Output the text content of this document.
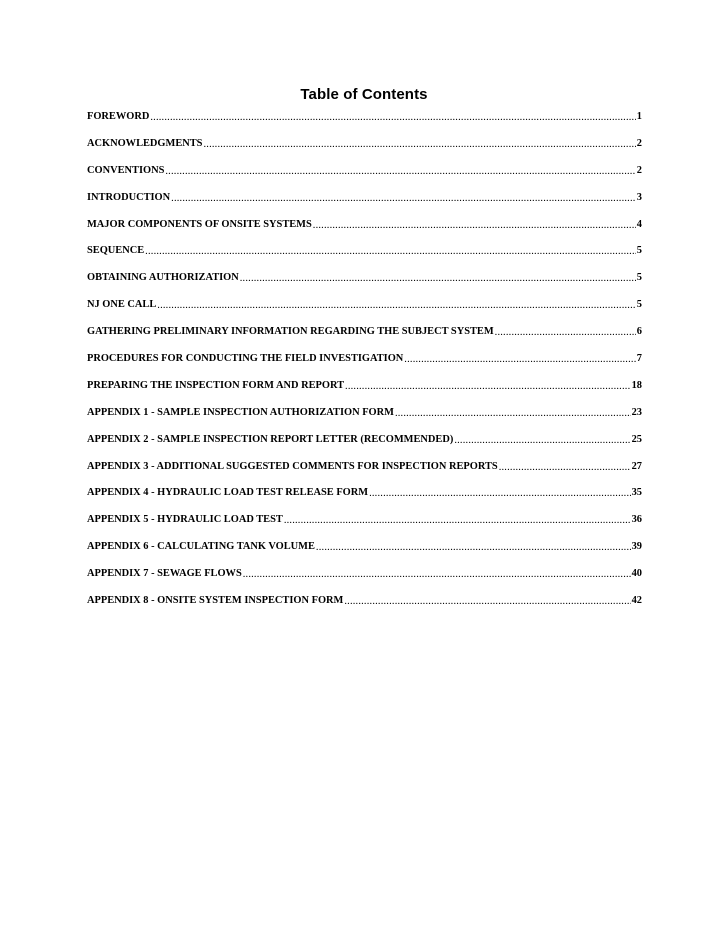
Table of Contents
FOREWORD .....	1
ACKNOWLEDGMENTS .....	2
CONVENTIONS .....	2
INTRODUCTION .....	3
MAJOR COMPONENTS OF ONSITE SYSTEMS .....	4
SEQUENCE .....	5
OBTAINING AUTHORIZATION .....	5
NJ ONE CALL .....	5
GATHERING PRELIMINARY INFORMATION REGARDING THE SUBJECT SYSTEM .....	6
PROCEDURES FOR CONDUCTING THE FIELD INVESTIGATION .....	7
PREPARING THE INSPECTION FORM AND REPORT .....	18
APPENDIX 1 - SAMPLE INSPECTION AUTHORIZATION FORM .....	23
APPENDIX 2 - SAMPLE INSPECTION REPORT LETTER (RECOMMENDED) .....	25
APPENDIX 3 - ADDITIONAL SUGGESTED COMMENTS FOR INSPECTION REPORTS .....	27
APPENDIX 4 - HYDRAULIC LOAD TEST RELEASE FORM .....	35
APPENDIX 5 - HYDRAULIC LOAD TEST .....	36
APPENDIX 6 - CALCULATING TANK VOLUME .....	39
APPENDIX 7 - SEWAGE FLOWS .....	40
APPENDIX 8 - ONSITE SYSTEM INSPECTION FORM .....	42
